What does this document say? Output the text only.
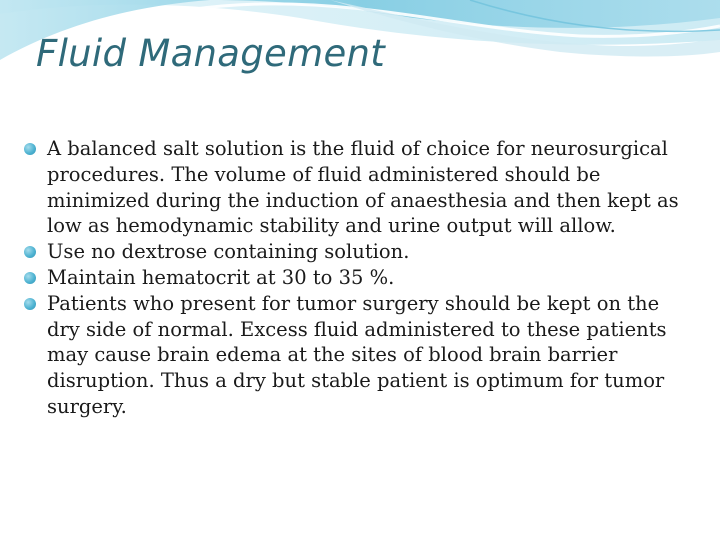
Fluid Management
A balanced salt solution is the fluid of choice for neurosurgical procedures. The volume of fluid administered should be minimized during the induction of anaesthesia and then kept as low as hemodynamic stability and urine output will allow.
Use no dextrose containing solution.
Maintain hematocrit at 30 to 35 %.
Patients who present for tumor surgery should be kept on the dry side of normal. Excess fluid administered to these patients may cause brain edema at the sites of blood brain barrier disruption. Thus a dry but stable patient is optimum for tumor surgery.
